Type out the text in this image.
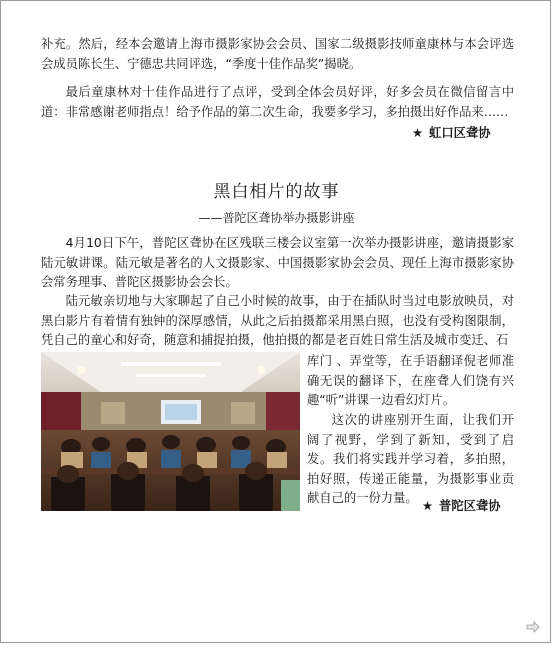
补充。然后，经本会邀请上海市摄影家协会会员、国家二级摄影技师童康林与本会评选会成员陈长生、宁德忠共同评选，“季度十佳作品奖”揭晓。

最后童康林对十佳作品进行了点评，受到全体会员好评，好多会员在微信留言中道：非常感谢老师指点！给予作品的第二次生命，我要多学习，多拍摄出好作品来……

★ 虹口区聋协
黑白相片的故事
——普陀区聋协举办摄影讲座

4月10日下午，普陀区聋协在区残联三楼会议室第一次举办摄影讲座，邀请摄影家陆元敏讲课。陆元敏是著名的人文摄影家、中国摄影家协会会员、现任上海市摄影家协会常务理事、普陀区摄影协会会长。

陆元敏亲切地与大家聊起了自己小时候的故事，由于在插队时当过电影放映员，对黑白影片有着情有独钟的深厚感情，从此之后拍摄都采用黑白照，也没有受构图限制，凭自己的童心和好奇，随意和捕捉拍摄，他拍摄的都是老百姓日常生活及城市变迁、石

库门 、弄堂等，在手语翻译倪老师准确无误的翻译下，在座聋人们饶有兴趣“听”讲课一边看幻灯片。

这次的讲座别开生面，让我们开阔了视野，学到了新知，受到了启发。我们将实践并学习着，多拍照，拍好照，传递正能量，为摄影事业贡献自己的一份力量。

★ 普陀区聋协
